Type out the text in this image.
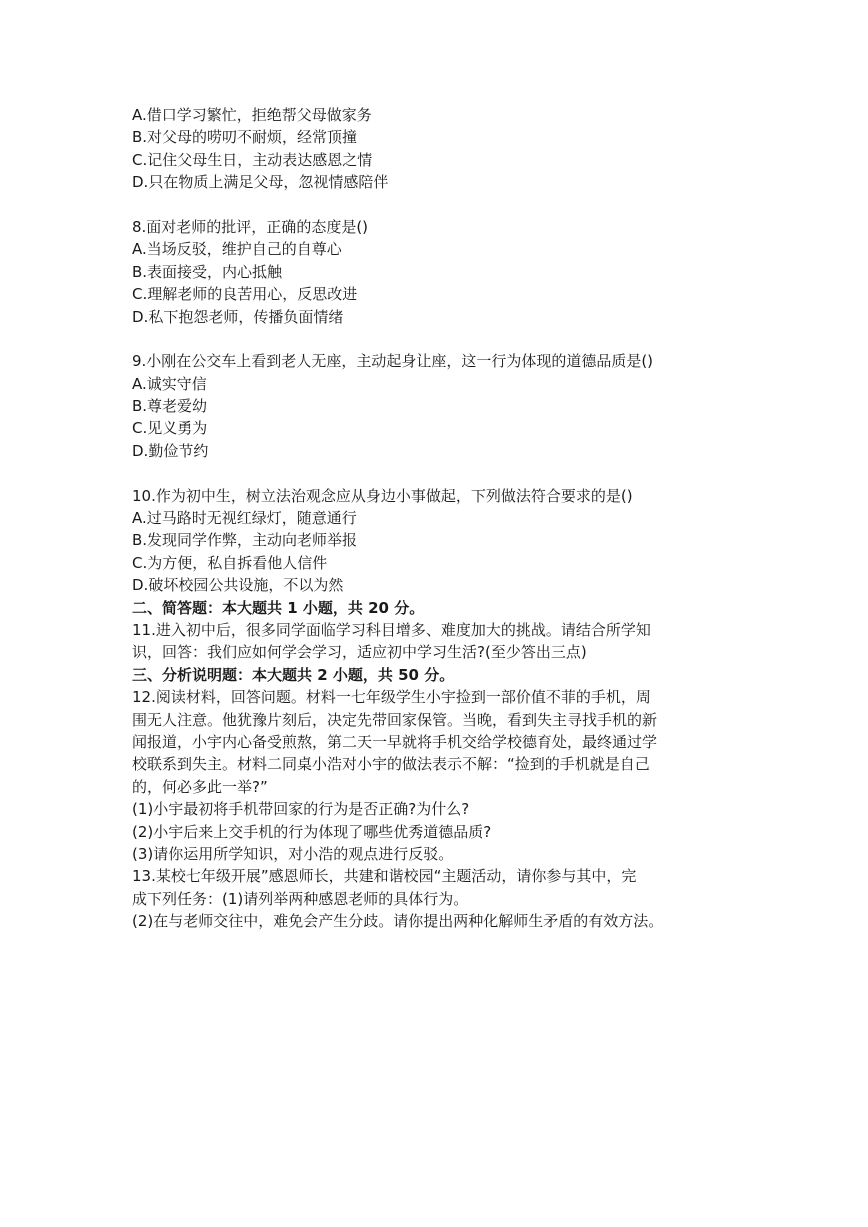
A.借口学习繁忙，拒绝帮父母做家务
B.对父母的唠叨不耐烦，经常顶撞
C.记住父母生日，主动表达感恩之情
D.只在物质上满足父母，忽视情感陪伴
8.面对老师的批评，正确的态度是()
A.当场反驳，维护自己的自尊心
B.表面接受，内心抵触
C.理解老师的良苦用心，反思改进
D.私下抱怨老师，传播负面情绪
9.小刚在公交车上看到老人无座，主动起身让座，这一行为体现的道德品质是()
A.诚实守信
B.尊老爱幼
C.见义勇为
D.勤俭节约
10.作为初中生，树立法治观念应从身边小事做起，下列做法符合要求的是()
A.过马路时无视红绿灯，随意通行
B.发现同学作弊，主动向老师举报
C.为方便，私自拆看他人信件
D.破坏校园公共设施，不以为然
二、简答题：本大题共 1 小题，共 20 分。
11.进入初中后，很多同学面临学习科目增多、难度加大的挑战。请结合所学知
识，回答：我们应如何学会学习，适应初中学习生活?(至少答出三点)
三、分析说明题：本大题共 2 小题，共 50 分。
12.阅读材料，回答问题。材料一七年级学生小宇捡到一部价值不菲的手机，周
围无人注意。他犹豫片刻后，决定先带回家保管。当晚，看到失主寻找手机的新
闻报道，小宇内心备受煎熬，第二天一早就将手机交给学校德育处，最终通过学
校联系到失主。材料二同桌小浩对小宇的做法表示不解：“捡到的手机就是自己
的，何必多此一举?”
(1)小宇最初将手机带回家的行为是否正确?为什么?
(2)小宇后来上交手机的行为体现了哪些优秀道德品质?
(3)请你运用所学知识，对小浩的观点进行反驳。
13.某校七年级开展”感恩师长，共建和谐校园“主题活动，请你参与其中，完
成下列任务：(1)请列举两种感恩老师的具体行为。
(2)在与老师交往中，难免会产生分歧。请你提出两种化解师生矛盾的有效方法。
